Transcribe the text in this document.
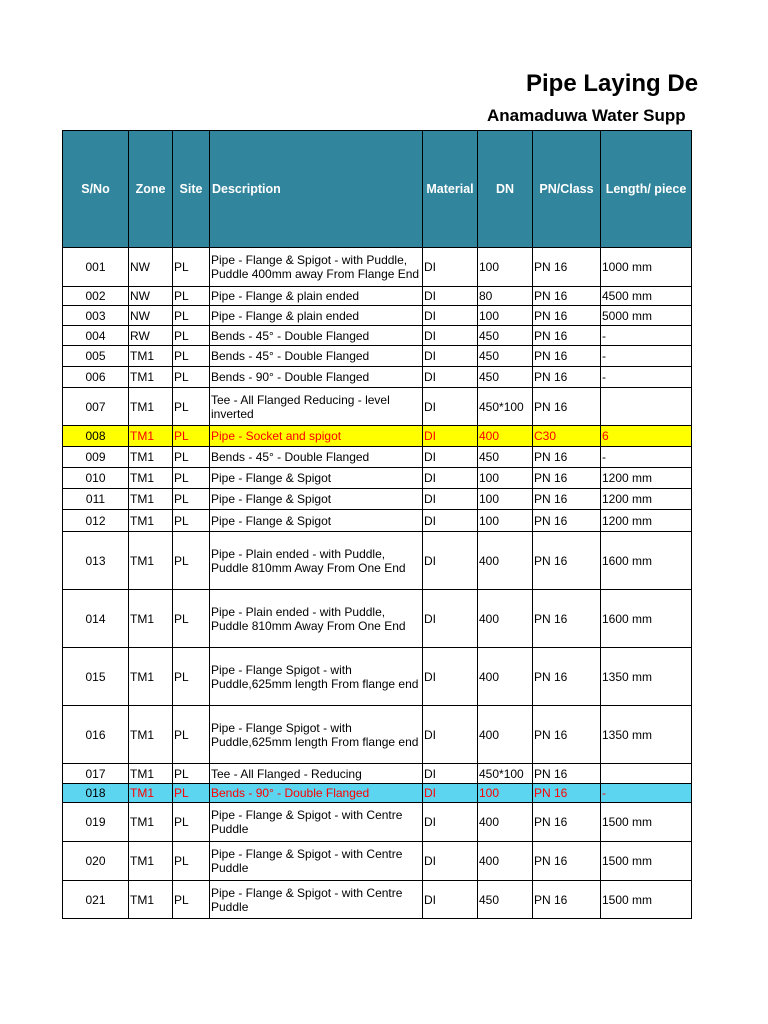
Pipe Laying De
Anamaduwa Water Supp
S/No	Zone	Site	Description	Material	DN	PN/Class	Length/ piece
001	NW	PL	Pipe - Flange & Spigot - with Puddle, Puddle 400mm away From Flange End	DI	100	PN 16	1000 mm
002	NW	PL	Pipe - Flange & plain ended	DI	80	PN 16	4500 mm
003	NW	PL	Pipe - Flange & plain ended	DI	100	PN 16	5000 mm
004	RW	PL	Bends - 45° - Double Flanged	DI	450	PN 16	-
005	TM1	PL	Bends - 45° - Double Flanged	DI	450	PN 16	-
006	TM1	PL	Bends - 90° - Double Flanged	DI	450	PN 16	-
007	TM1	PL	Tee - All Flanged Reducing - level inverted	DI	450*100	PN 16	
008	TM1	PL	Pipe - Socket and spigot	DI	400	C30	6
009	TM1	PL	Bends - 45° - Double Flanged	DI	450	PN 16	-
010	TM1	PL	Pipe - Flange & Spigot	DI	100	PN 16	1200 mm
011	TM1	PL	Pipe - Flange & Spigot	DI	100	PN 16	1200 mm
012	TM1	PL	Pipe - Flange & Spigot	DI	100	PN 16	1200 mm
013	TM1	PL	Pipe - Plain ended - with Puddle, Puddle 810mm Away From One End	DI	400	PN 16	1600 mm
014	TM1	PL	Pipe - Plain ended - with Puddle, Puddle 810mm Away From One End	DI	400	PN 16	1600 mm
015	TM1	PL	Pipe - Flange Spigot - with Puddle,625mm length From flange end	DI	400	PN 16	1350 mm
016	TM1	PL	Pipe - Flange Spigot - with Puddle,625mm length From flange end	DI	400	PN 16	1350 mm
017	TM1	PL	Tee - All Flanged - Reducing	DI	450*100	PN 16	
018	TM1	PL	Bends - 90° - Double Flanged	DI	100	PN 16	-
019	TM1	PL	Pipe - Flange & Spigot - with Centre Puddle	DI	400	PN 16	1500 mm
020	TM1	PL	Pipe - Flange & Spigot - with Centre Puddle	DI	400	PN 16	1500 mm
021	TM1	PL	Pipe - Flange & Spigot - with Centre Puddle	DI	450	PN 16	1500 mm
